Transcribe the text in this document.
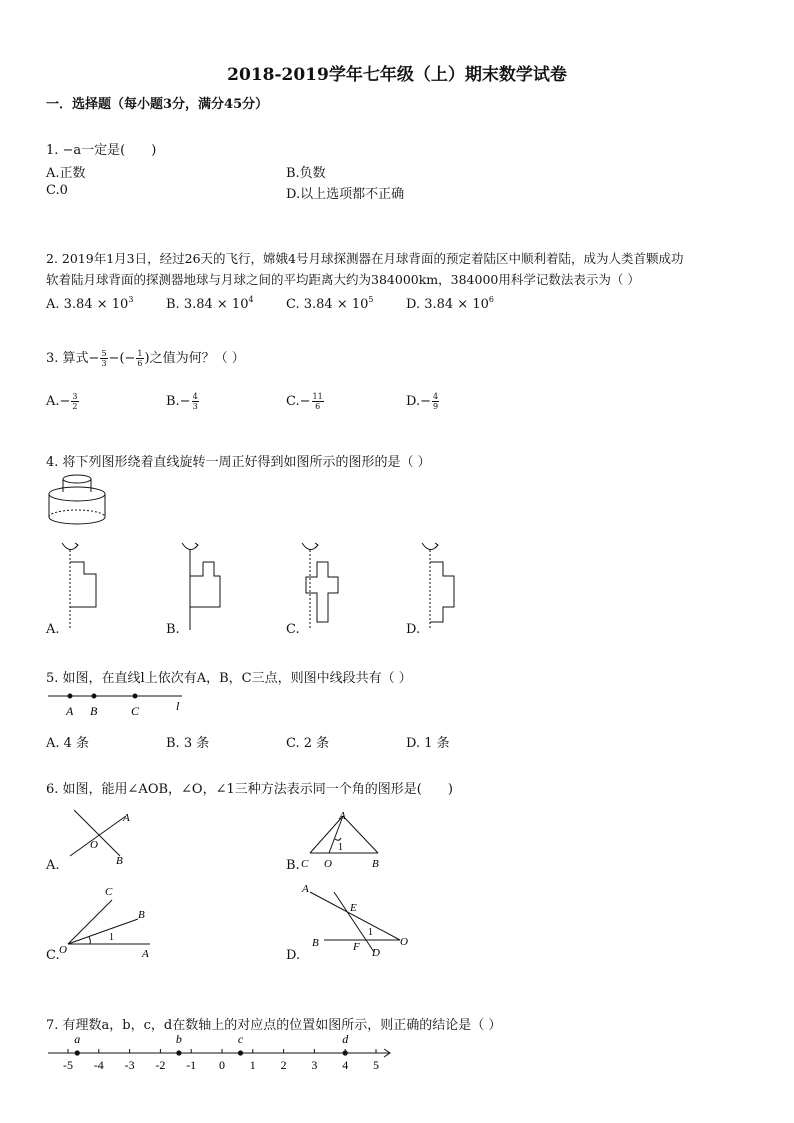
2018-2019学年七年级（上）期末数学试卷
一．选择题（每小题3分，满分45分）
1. −a一定是(　　)
A.正数	B.负数
C.0	D.以上选项都不正确
2. 2019年1月3日，经过26天的飞行，嫦娥4号月球探测器在月球背面的预定着陆区中顺利着陆，成为人类首颗成功
软着陆月球背面的探测器地球与月球之间的平均距离大约为384000km，384000用科学记数法表示为（ ）
A. $3.84 \times 10^3$	B. $3.84 \times 10^4$ C. $3.84 \times 10^5$	D. $3.84 \times 10^6$
3. 算式− $\frac{5}{3}$ −(− $\frac{1}{6}$ )之值为何？（ ）
$A.- \frac{3}{2}$	$B.- \frac{4}{3}$	$C.- \frac{11}{6}$	$D.- \frac{4}{9}$
4. 将下列图形绕着直线旋转一周正好得到如图所示的图形的是（ ）
A.	B.	C.	D.
5. 如图，在直线l上依次有A，B，C三点，则图中线段共有（ ）
A B	C	l
A. 4 条	B. 3 条	C. 2 条	D. 1 条
6. 如图，能用∠AOB，∠O，∠1三种方法表示同一个角的图形是(　　)
A
O
B
A.
A
C O	B
1
B.
C
B
O	A
1
C.
A
E
B	F D
O
1
D.
7. 有理数a，b，c，d在数轴上的对应点的位置如图所示，则正确的结论是（ ）
-5 -4 -3 -2 -1 0 1 2 3 4 5
a	b	c	d
